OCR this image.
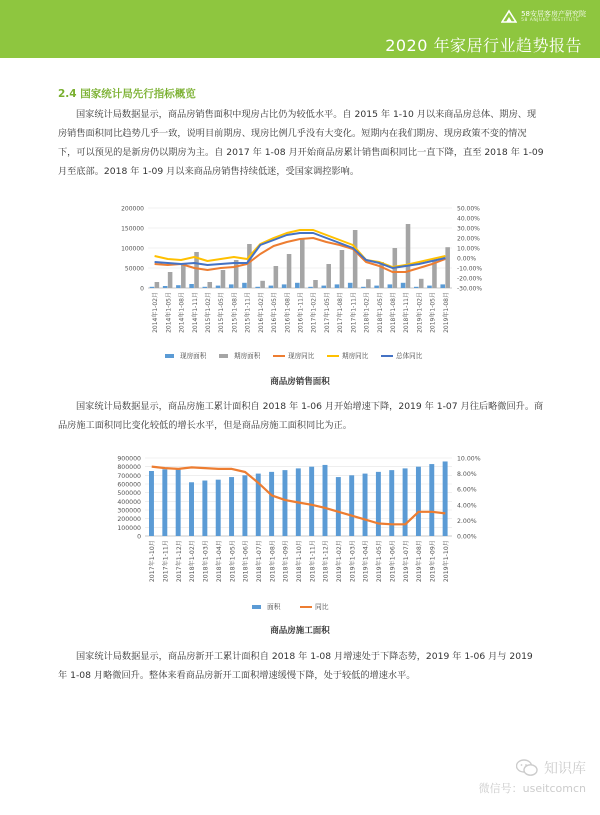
58安居客房产研究院
58 ANJUKE INSTITUTE
2020 年家居行业趋势报告
2.4 国家统计局先行指标概览

国家统计局数据显示，商品房销售面积中现房占比仍为较低水平。自 2015 年 1-10 月以来商品房总体、期房、现房销售面积同比趋势几乎一致，说明目前期房、现房比例几乎没有大变化。短期内在我们期房、现房政策不变的情况下，可以预见的是新房仍以期房为主。自 2017 年 1-08 月开始商品房累计销售面积同比一直下降，直至 2018 年 1-09 月至底部。2018 年 1-09 月以来商品房销售持续低迷，受国家调控影响。

200000
150000
100000
50000
0
50.00%
40.00%
30.00%
20.00%
10.00%
0.00%
-10.00%
-20.00%
-30.00%
2014年1-02月 2014年1-05月 2014年1-08月 2014年1-11月 2015年1-02月 2015年1-05月 2015年1-08月 2015年1-11月 2016年1-02月 2016年1-05月 2016年1-08月 2016年1-11月 2017年1-02月 2017年1-05月 2017年1-08月 2017年1-11月 2018年1-02月 2018年1-05月 2018年1-08月 2018年1-11月 2019年1-02月 2019年1-05月 2019年1-08月
现房面积	期房面积	现房同比	期房同比	总体同比
商品房销售面积

国家统计局数据显示，商品房施工累计面积自 2018 年 1-06 月开始增速下降，2019 年 1-07 月往后略微回升。商品房施工面积同比变化较低的增长水平，但是商品房施工面积同比为正。

900000
800000
700000
600000
500000
400000
300000
200000
100000
0
10.00%
8.00%
6.00%
4.00%
2.00%
0.00%
2017年1-10月 2017年1-11月 2017年1-12月 2018年1-02月 2018年1-03月 2018年1-04月 2018年1-05月 2018年1-06月 2018年1-07月 2018年1-08月 2018年1-09月 2018年1-10月 2018年1-11月 2018年1-12月 2019年1-02月 2019年1-03月 2019年1-04月 2019年1-05月 2019年1-06月 2019年1-07月 2019年1-08月 2019年1-09月 2019年1-10月
面积	同比
商品房施工面积

国家统计局数据显示，商品房新开工累计面积自 2018 年 1-08 月增速处于下降态势，2019 年 1-06 月与 2019 年 1-08 月略微回升。整体来看商品房新开工面积增速缓慢下降，处于较低的增速水平。

知识库
微信号：useitcomcn
